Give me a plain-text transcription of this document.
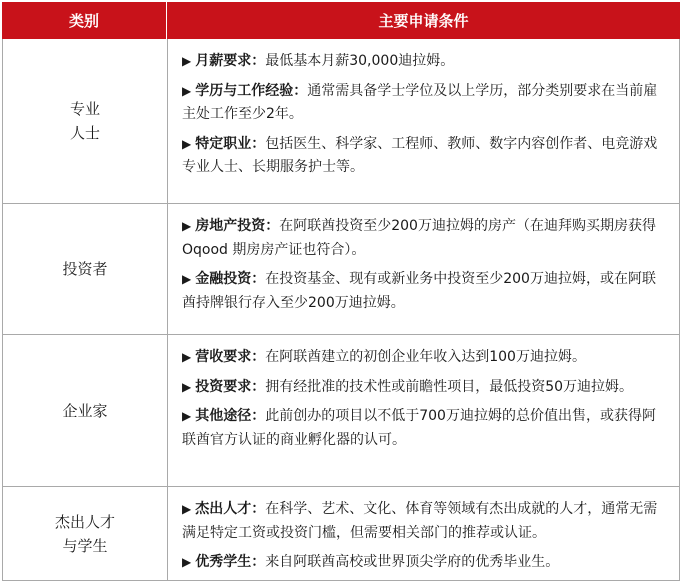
类别	主要申请条件
专业
人士
▶ 月薪要求：最低基本月薪30,000迪拉姆。
▶ 学历与工作经验：通常需具备学士学位及以上学历，部分类别要求在当前雇主处工作至少2年。
▶ 特定职业：包括医生、科学家、工程师、教师、数字内容创作者、电竞游戏专业人士、长期服务护士等。
投资者
▶ 房地产投资：在阿联酋投资至少200万迪拉姆的房产（在迪拜购买期房获得 Oqood 期房房产证也符合）。
▶ 金融投资：在投资基金、现有或新业务中投资至少200万迪拉姆，或在阿联酋持牌银行存入至少200万迪拉姆。
企业家
▶ 营收要求：在阿联酋建立的初创企业年收入达到100万迪拉姆。
▶ 投资要求：拥有经批准的技术性或前瞻性项目，最低投资50万迪拉姆。
▶ 其他途径：此前创办的项目以不低于700万迪拉姆的总价值出售，或获得阿联酋官方认证的商业孵化器的认可。
杰出人才
与学生
▶ 杰出人才：在科学、艺术、文化、体育等领域有杰出成就的人才，通常无需满足特定工资或投资门槛，但需要相关部门的推荐或认证。
▶ 优秀学生：来自阿联酋高校或世界顶尖学府的优秀毕业生。
